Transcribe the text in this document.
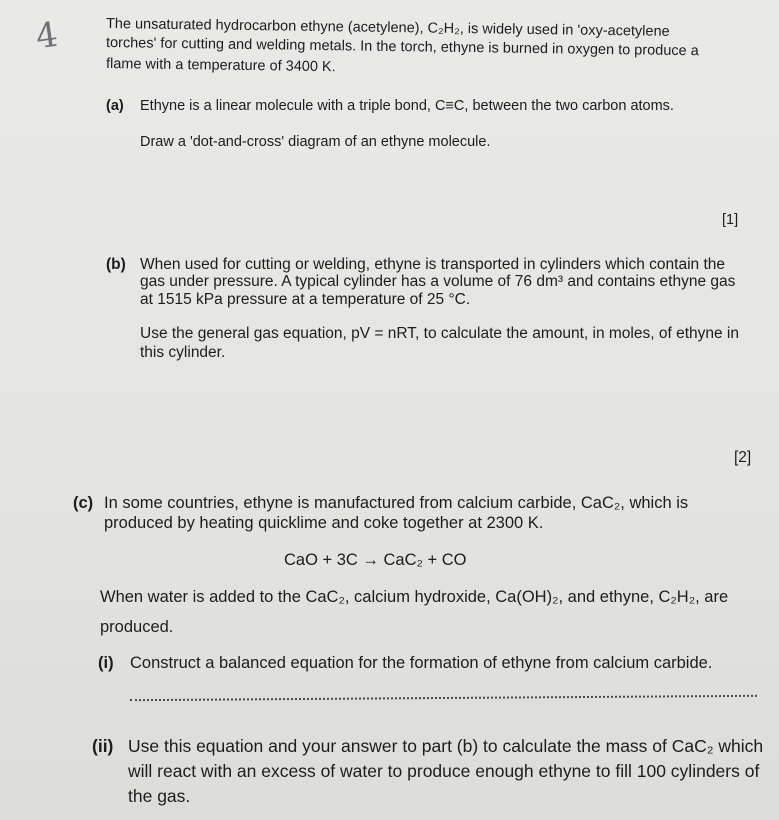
4	The unsaturated hydrocarbon ethyne (acetylene), C₂H₂, is widely used in 'oxy-acetylene
torches' for cutting and welding metals. In the torch, ethyne is burned in oxygen to produce a
flame with a temperature of 3400 K.
(a) Ethyne is a linear molecule with a triple bond, C≡C, between the two carbon atoms.
Draw a 'dot-and-cross' diagram of an ethyne molecule.
[1]
(b) When used for cutting or welding, ethyne is transported in cylinders which contain the
gas under pressure. A typical cylinder has a volume of 76 dm³ and contains ethyne gas
at 1515 kPa pressure at a temperature of 25 °C.
Use the general gas equation, pV = nRT, to calculate the amount, in moles, of ethyne in
this cylinder.
[2]
(c) In some countries, ethyne is manufactured from calcium carbide, CaC₂, which is
produced by heating quicklime and coke together at 2300 K.
CaO + 3C → CaC₂ + CO
When water is added to the CaC₂, calcium hydroxide, Ca(OH)₂, and ethyne, C₂H₂, are
produced.
(i) Construct a balanced equation for the formation of ethyne from calcium carbide.
(ii) Use this equation and your answer to part (b) to calculate the mass of CaC₂ which
will react with an excess of water to produce enough ethyne to fill 100 cylinders of
the gas.
